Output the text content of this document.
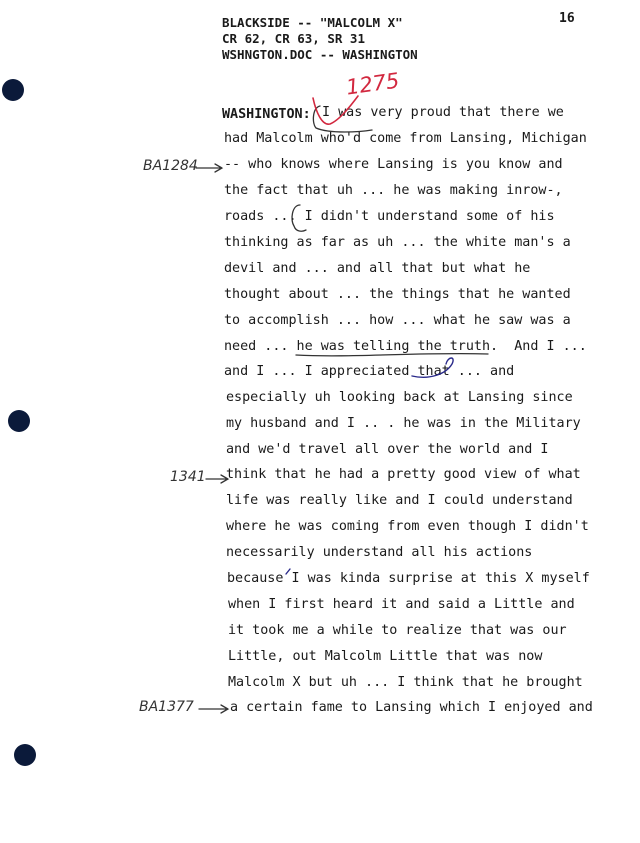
BLACKSIDE -- "MALCOLM X"
CR 62, CR 63, SR 31
WSHNGTON.DOC -- WASHINGTON
16
WASHINGTON: I was very proud that there we
had Malcolm who'd come from Lansing, Michigan
-- who knows where Lansing is you know and
the fact that uh ... he was making inrow-,
roads ... I didn't understand some of his
thinking as far as uh ... the white man's a
devil and ... and all that but what he
thought about ... the things that he wanted
to accomplish ... how ... what he saw was a
need ... he was telling the truth.  And I ...
and I ... I appreciated that ... and
especially uh looking back at Lansing since
my husband and I .. . he was in the Military
and we'd travel all over the world and I
think that he had a pretty good view of what
life was really like and I could understand
where he was coming from even though I didn't
necessarily understand all his actions
because I was kinda surprise at this X myself
when I first heard it and said a Little and
it took me a while to realize that was our
Little, out Malcolm Little that was now
Malcolm X but uh ... I think that he brought
a certain fame to Lansing which I enjoyed and
BA1284
1341
BA1377
1275
